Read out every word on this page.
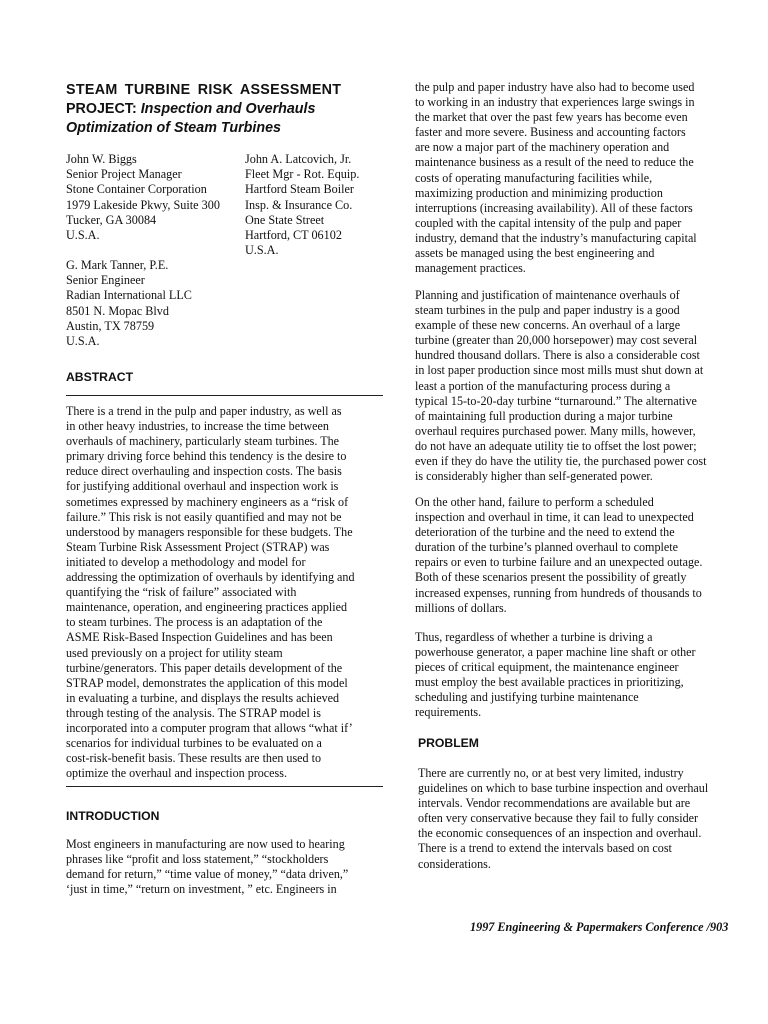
STEAM TURBINE RISK ASSESSMENT
PROJECT: Inspection and Overhauls
Optimization of Steam Turbines
John W. Biggs
Senior Project Manager
Stone Container Corporation
1979 Lakeside Pkwy, Suite 300
Tucker, GA 30084
U.S.A.
John A. Latcovich, Jr.
Fleet Mgr - Rot. Equip.
Hartford Steam Boiler
Insp. & Insurance Co.
One State Street
Hartford, CT 06102
U.S.A.
G. Mark Tanner, P.E.
Senior Engineer
Radian International LLC
8501 N. Mopac Blvd
Austin, TX 78759
U.S.A.
ABSTRACT
There is a trend in the pulp and paper industry, as well as
in other heavy industries, to increase the time between
overhauls of machinery, particularly steam turbines. The
primary driving force behind this tendency is the desire to
reduce direct overhauling and inspection costs. The basis
for justifying additional overhaul and inspection work is
sometimes expressed by machinery engineers as a “risk of
failure.” This risk is not easily quantified and may not be
understood by managers responsible for these budgets. The
Steam Turbine Risk Assessment Project (STRAP) was
initiated to develop a methodology and model for
addressing the optimization of overhauls by identifying and
quantifying the “risk of failure” associated with
maintenance, operation, and engineering practices applied
to steam turbines. The process is an adaptation of the
ASME Risk-Based Inspection Guidelines and has been
used previously on a project for utility steam
turbine/generators. This paper details development of the
STRAP model, demonstrates the application of this model
in evaluating a turbine, and displays the results achieved
through testing of the analysis. The STRAP model is
incorporated into a computer program that allows “what if’
scenarios for individual turbines to be evaluated on a
cost-risk-benefit basis. These results are then used to
optimize the overhaul and inspection process.
INTRODUCTION
Most engineers in manufacturing are now used to hearing
phrases like “profit and loss statement,” “stockholders
demand for return,” “time value of money,” “data driven,”
‘just in time,” “return on investment, ” etc. Engineers in
the pulp and paper industry have also had to become used
to working in an industry that experiences large swings in
the market that over the past few years has become even
faster and more severe. Business and accounting factors
are now a major part of the machinery operation and
maintenance business as a result of the need to reduce the
costs of operating manufacturing facilities while,
maximizing production and minimizing production
interruptions (increasing availability). All of these factors
coupled with the capital intensity of the pulp and paper
industry, demand that the industry’s manufacturing capital
assets be managed using the best engineering and
management practices.
Planning and justification of maintenance overhauls of
steam turbines in the pulp and paper industry is a good
example of these new concerns. An overhaul of a large
turbine (greater than 20,000 horsepower) may cost several
hundred thousand dollars. There is also a considerable cost
in lost paper production since most mills must shut down at
least a portion of the manufacturing process during a
typical 15-to-20-day turbine “turnaround.” The alternative
of maintaining full production during a major turbine
overhaul requires purchased power. Many mills, however,
do not have an adequate utility tie to offset the lost power;
even if they do have the utility tie, the purchased power cost
is considerably higher than self-generated power.
On the other hand, failure to perform a scheduled
inspection and overhaul in time, it can lead to unexpected
deterioration of the turbine and the need to extend the
duration of the turbine’s planned overhaul to complete
repairs or even to turbine failure and an unexpected outage.
Both of these scenarios present the possibility of greatly
increased expenses, running from hundreds of thousands to
millions of dollars.
Thus, regardless of whether a turbine is driving a
powerhouse generator, a paper machine line shaft or other
pieces of critical equipment, the maintenance engineer
must employ the best available practices in prioritizing,
scheduling and justifying turbine maintenance
requirements.
PROBLEM
There are currently no, or at best very limited, industry
guidelines on which to base turbine inspection and overhaul
intervals. Vendor recommendations are available but are
often very conservative because they fail to fully consider
the economic consequences of an inspection and overhaul.
There is a trend to extend the intervals based on cost
considerations.
1997 Engineering & Papermakers Conference /903
